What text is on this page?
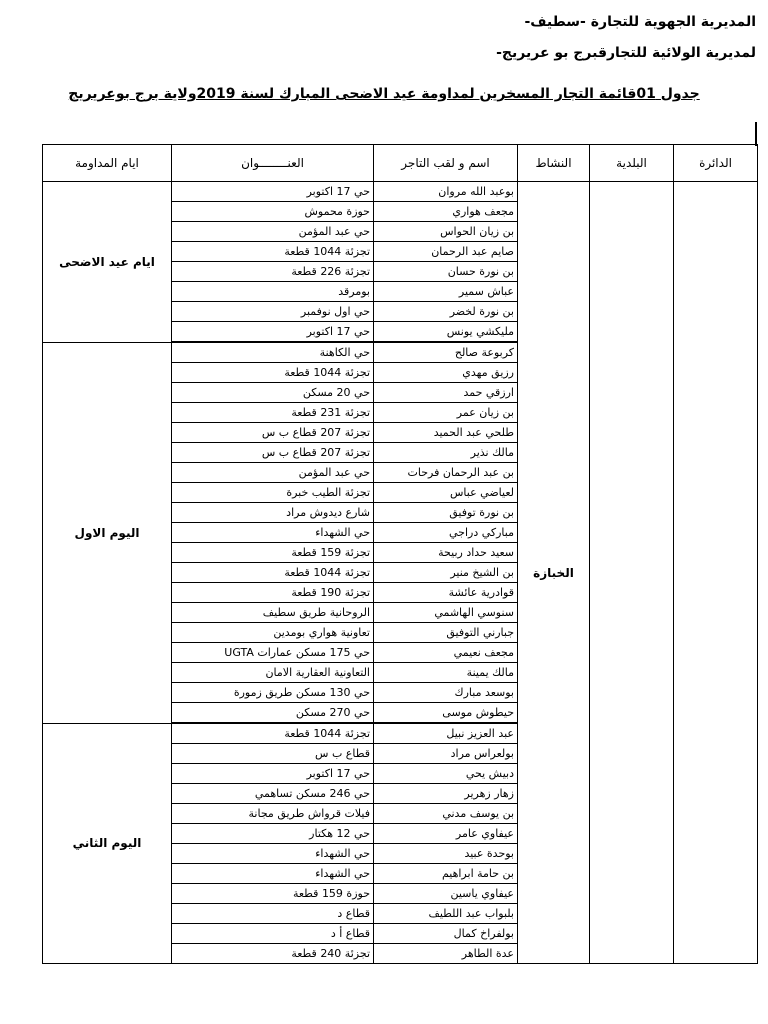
المديرية الجهوية للتجارة -سطيف-
لمديرية الولائية للتجارقبرج بو عريريج-
جدول 01قائمة التجار المسخرين لمداومة عيد الاضحى المبارك لسنة 2019ولاية برج بوعريريج
الدائرة	البلدية	النشاط	اسم و لقب التاجر	العنــــــــوان	ايام المداومة
		الخبازة	بوعبد الله مروان	حي 17 اكتوبر	ايام عيد الاضحى
			مجعف هواري	حوزة محموش	
			بن زيان الحواس	حي عبد المؤمن	
			صايم عبد الرحمان	تجزئة 1044 قطعة	
			بن نورة حسان	تجزئة 226 قطعة	
			عباش سمير	بومرقد	
			بن نورة لخضر	حي اول نوفمبر	
			مليكشي يونس	حي 17 اكتوبر	
			كربوعة صالح	حي الكاهنة	اليوم الاول
			رزيق مهدي	تجزئة 1044 قطعة	
			ارزقي حمد	حي 20 مسكن	
			بن زيان عمر	تجزئة 231 قطعة	
			طلحي عبد الحميد	تجزئة 207 قطاع ب س	
			مالك نذير	تجزئة 207 قطاع ب س	
			بن عبد الرحمان فرحات	حي عبد المؤمن	
			لعياضي عباس	تجزئة الطيب خبرة	
			بن نورة توفيق	شارع ديدوش مراد	
			مباركي دراجي	حي الشهداء	
			سعيد حداد ربيحة	تجزئة 159 قطعة	
			بن الشيخ منير	تجزئة 1044 قطعة	
			قوادرية عائشة	تجزئة 190 قطعة	
			سنوسي الهاشمي	الروحانية طريق سطيف	
			جبارني التوفيق	تعاونية هواري بومدين	
			مجعف نعيمي	حي 175 مسكن عمارات UGTA	
			مالك يمينة	التعاونية العقارية الامان	
			بوسعد مبارك	حي 130 مسكن طريق زمورة	
			حيطوش موسى	حي 270 مسكن	
			عبد العزيز نبيل	تجزئة 1044 قطعة	اليوم الثاني
			بولعراس مراد	قطاع ب س	
			دبيش يحي	حي 17 اكتوبر	
			زهار زهرير	حي 246 مسكن تساهمي	
			بن يوسف مدني	فيلات قرواش طريق مجانة	
			عيفاوي عامر	حي 12 هكتار	
			بوحدة عبيد	حي الشهداء	
			بن حامة ابراهيم	حي الشهداء	
			عيفاوي ياسين	حوزة 159 قطعة	
			بلبواب عبد اللطيف	قطاع د	
			بولفراخ كمال	قطاع أ د	
			عدة الطاهر	تجزئة 240 قطعة	
